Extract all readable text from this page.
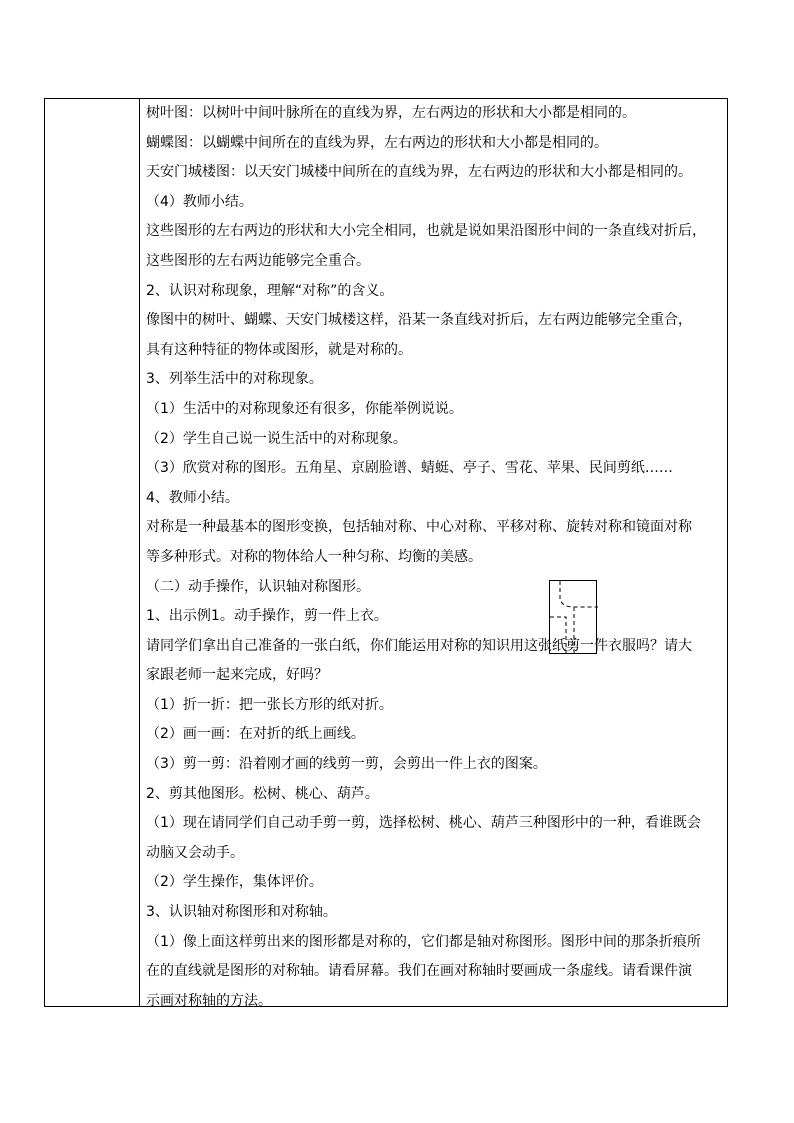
树叶图：以树叶中间叶脉所在的直线为界，左右两边的形状和大小都是相同的。
蝴蝶图：以蝴蝶中间所在的直线为界，左右两边的形状和大小都是相同的。
天安门城楼图：以天安门城楼中间所在的直线为界，左右两边的形状和大小都是相同的。
（4）教师小结。
这些图形的左右两边的形状和大小完全相同，也就是说如果沿图形中间的一条直线对折后，
这些图形的左右两边能够完全重合。
2、认识对称现象，理解“对称”的含义。
像图中的树叶、蝴蝶、天安门城楼这样，沿某一条直线对折后，左右两边能够完全重合，
具有这种特征的物体或图形，就是对称的。
3、列举生活中的对称现象。
（1）生活中的对称现象还有很多，你能举例说说。
（2）学生自己说一说生活中的对称现象。
（3）欣赏对称的图形。五角星、京剧脸谱、蜻蜓、亭子、雪花、苹果、民间剪纸……
4、教师小结。
对称是一种最基本的图形变换，包括轴对称、中心对称、平移对称、旋转对称和镜面对称
等多种形式。对称的物体给人一种匀称、均衡的美感。
（二）动手操作，认识轴对称图形。
1、出示例1。动手操作，剪一件上衣。
请同学们拿出自己准备的一张白纸，你们能运用对称的知识用这张纸剪一件衣服吗？请大
家跟老师一起来完成，好吗？
（1）折一折：把一张长方形的纸对折。
（2）画一画：在对折的纸上画线。
（3）剪一剪：沿着刚才画的线剪一剪，会剪出一件上衣的图案。
2、剪其他图形。松树、桃心、葫芦。
（1）现在请同学们自己动手剪一剪，选择松树、桃心、葫芦三种图形中的一种，看谁既会
动脑又会动手。
（2）学生操作，集体评价。
3、认识轴对称图形和对称轴。
（1）像上面这样剪出来的图形都是对称的，它们都是轴对称图形。图形中间的那条折痕所
在的直线就是图形的对称轴。请看屏幕。我们在画对称轴时要画成一条虚线。请看课件演
示画对称轴的方法。
